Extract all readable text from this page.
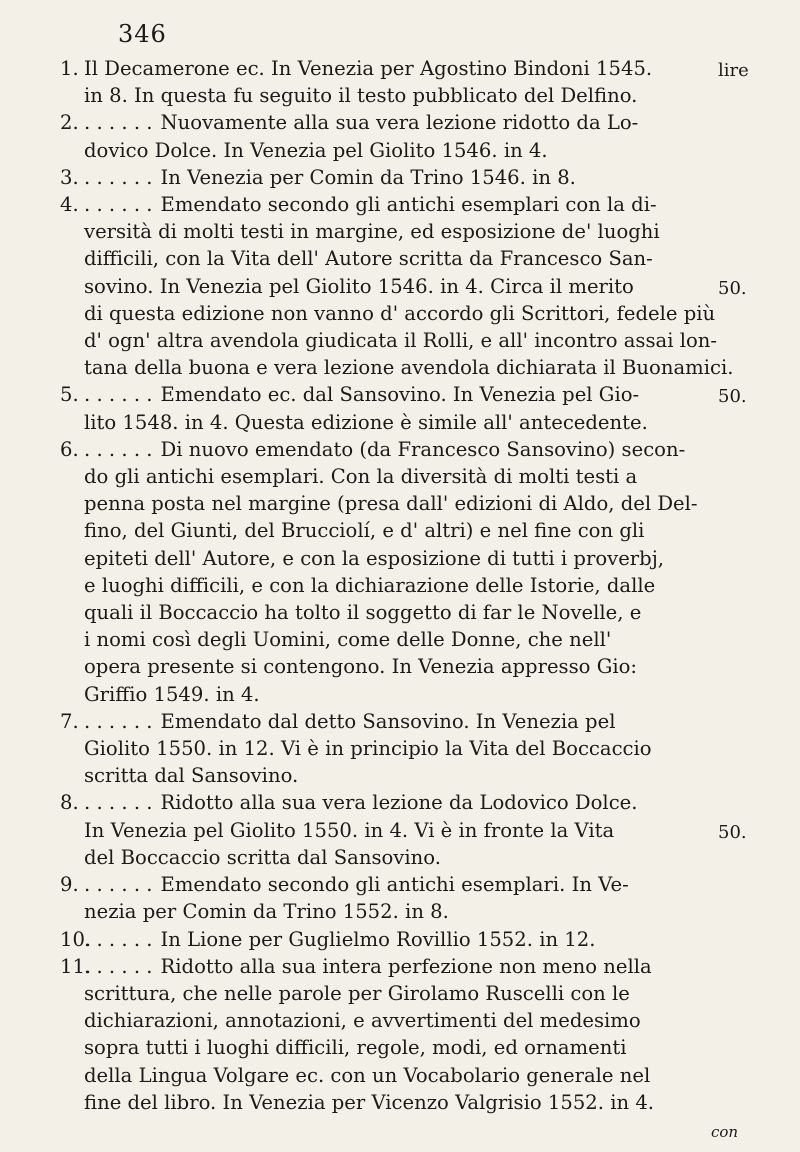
346
1. Il Decamerone ec. In Venezia per Agostino Bindoni 1545.
in 8. In questa fu seguito il testo pubblicato del Delfino.
lire
2. . . . . . . Nuovamente alla sua vera lezione ridotto da Lo-
dovico Dolce. In Venezia pel Giolito 1546. in 4.
3. . . . . . . In Venezia per Comin da Trino 1546. in 8.
4. . . . . . . Emendato secondo gli antichi esemplari con la di-
versità di molti testi in margine, ed esposizione de' luoghi
difficili, con la Vita dell' Autore scritta da Francesco San-
sovino. In Venezia pel Giolito 1546. in 4. Circa il merito
di questa edizione non vanno d' accordo gli Scrittori, fedele più
d' ogn' altra avendola giudicata il Rolli, e all' incontro assai lon-
tana della buona e vera lezione avendola dichiarata il Buonamici.
50.
5. . . . . . . Emendato ec. dal Sansovino. In Venezia pel Gio-
lito 1548. in 4. Questa edizione è simile all' antecedente.
50.
6. . . . . . . Di nuovo emendato (da Francesco Sansovino) secon-
do gli antichi esemplari. Con la diversità di molti testi a
penna posta nel margine (presa dall' edizioni di Aldo, del Del-
fino, del Giunti, del Brucciolí, e d' altri) e nel fine con gli
epiteti dell' Autore, e con la esposizione di tutti i proverbj,
e luoghi difficili, e con la dichiarazione delle Istorie, dalle
quali il Boccaccio ha tolto il soggetto di far le Novelle, e
i nomi così degli Uomini, come delle Donne, che nell'
opera presente si contengono. In Venezia appresso Gio:
Griffio 1549. in 4.
7. . . . . . . Emendato dal detto Sansovino. In Venezia pel
Giolito 1550. in 12. Vi è in principio la Vita del Boccaccio
scritta dal Sansovino.
8. . . . . . . Ridotto alla sua vera lezione da Lodovico Dolce.
In Venezia pel Giolito 1550. in 4. Vi è in fronte la Vita
del Boccaccio scritta dal Sansovino.
50.
9. . . . . . . Emendato secondo gli antichi esemplari. In Ve-
nezia per Comin da Trino 1552. in 8.
10.
. . . . . . In Lione per Guglielmo Rovillio 1552. in 12.
11.
. . . . . . Ridotto alla sua intera perfezione non meno nella
scrittura, che nelle parole per Girolamo Ruscelli con le
dichiarazioni, annotazioni, e avvertimenti del medesimo
sopra tutti i luoghi difficili, regole, modi, ed ornamenti
della Lingua Volgare ec. con un Vocabolario generale nel
fine del libro. In Venezia per Vicenzo Valgrisio 1552. in 4.
con
